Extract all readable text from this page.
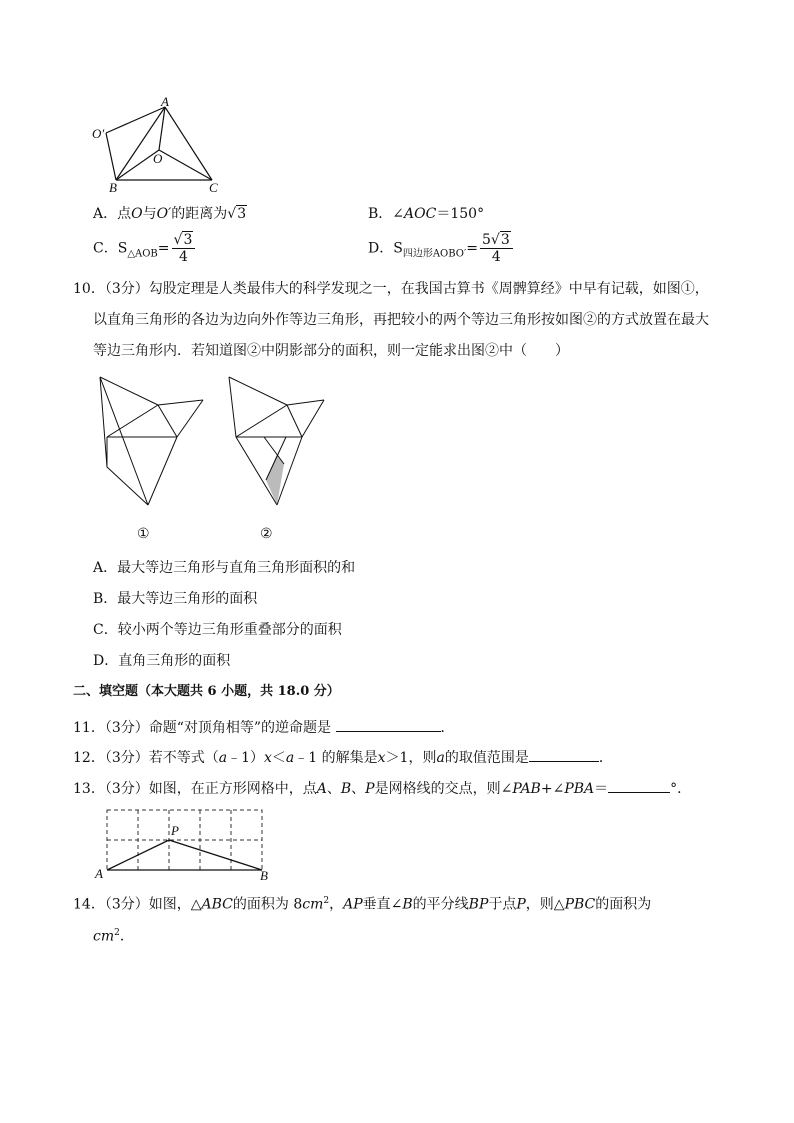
A
O′
O
B	C
A．点O与O′的距离为√3	B．∠AOC＝150°
C．$S_{\triangle AOB}= \frac{√3}{4}$	D．$S_{四边形AOBO'}= \frac{5√3}{4}$
10．（3分）勾股定理是人类最伟大的科学发现之一，在我国古算书《周髀算经》中早有记载，如图①，
以直角三角形的各边为边向外作等边三角形，再把较小的两个等边三角形按如图②的方式放置在最大
等边三角形内．若知道图②中阴影部分的面积，则一定能求出图②中（　　）
①	②
A．最大等边三角形与直角三角形面积的和
B．最大等边三角形的面积
C．较小两个等边三角形重叠部分的面积
D．直角三角形的面积
二、填空题（本大题共 6 小题，共 18.0 分）
11．（3分）命题“对顶角相等”的逆命题是	．
12．（3分）若不等式（a﹣1）x＜a﹣1 的解集是x＞1，则a的取值范围是	．
13．（3分）如图，在正方形网格中，点A、B、P是网格线的交点，则∠PAB+∠PBA＝	°．
P
A	B
14．（3分）如图，△ABC的面积为 $8cm^2$，AP垂直∠B的平分线BP于点P，则△PBC的面积为
$cm^2$．
